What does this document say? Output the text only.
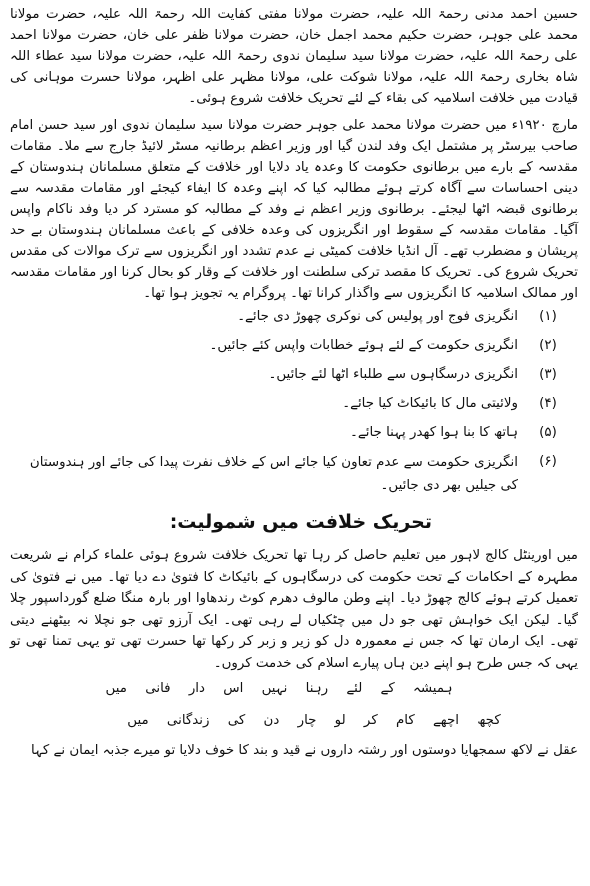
حسین احمد مدنی رحمۃ اللہ علیہ، حضرت مولانا مفتی کفایت اللہ رحمۃ اللہ علیہ، حضرت مولانا محمد علی جوہر، حضرت حکیم محمد اجمل خان، حضرت مولانا ظفر علی خان، حضرت مولانا احمد علی رحمۃ اللہ علیہ، حضرت مولانا سید سلیمان ندوی رحمۃ اللہ علیہ، حضرت مولانا سید عطاء اللہ شاہ بخاری رحمۃ اللہ علیہ، مولانا شوکت علی، مولانا مظہر علی اظہر، مولانا حسرت موہانی کی قیادت میں خلافت اسلامیہ کی بقاء کے لئے تحریک خلافت شروع ہوئی۔

مارچ ۱۹۲۰ء میں حضرت مولانا محمد علی جوہر حضرت مولانا سید سلیمان ندوی اور سید حسن امام صاحب بیرسٹر پر مشتمل ایک وفد لندن گیا اور وزیر اعظم برطانیہ مسٹر لائیڈ جارج سے ملا۔ مقامات مقدسہ کے بارے میں برطانوی حکومت کا وعدہ یاد دلایا اور خلافت کے متعلق مسلمانان ہندوستان کے دینی احساسات سے آگاہ کرتے ہوئے مطالبہ کیا کہ اپنے وعدہ کا ایفاء کیجئے اور مقامات مقدسہ سے برطانوی قبضہ اٹھا لیجئے۔ برطانوی وزیر اعظم نے وفد کے مطالبہ کو مسترد کر دیا وفد ناکام واپس آگیا۔ مقامات مقدسہ کے سقوط اور انگریزوں کی وعدہ خلافی کے باعث مسلمانان ہندوستان بے حد پریشان و مضطرب تھے۔ آل انڈیا خلافت کمیٹی نے عدم تشدد اور انگریزوں سے ترک موالات کی مقدس تحریک شروع کی۔ تحریک کا مقصد ترکی سلطنت اور خلافت کے وقار کو بحال کرنا اور مقامات مقدسہ اور ممالک اسلامیہ کا انگریزوں سے واگذار کرانا تھا۔ پروگرام یہ تجویز ہوا تھا۔

(۱)
انگریزی فوج اور پولیس کی نوکری چھوڑ دی جائے۔
(۲)
انگریزی حکومت کے لئے ہوئے خطابات واپس کئے جائیں۔
(۳)
انگریزی درسگاہوں سے طلباء اٹھا لئے جائیں۔
(۴)
ولائیتی مال کا بائیکاٹ کیا جائے۔
(۵)
ہاتھ کا بنا ہوا کھدر پہنا جائے۔
(۶)
انگریزی حکومت سے عدم تعاون کیا جائے اس کے خلاف نفرت پیدا کی جائے اور ہندوستان کی جیلیں بھر دی جائیں۔
تحریک خلافت میں شمولیت:

میں اورینٹل کالج لاہور میں تعلیم حاصل کر رہا تھا تحریک خلافت شروع ہوئی علماء کرام نے شریعت مطہرہ کے احکامات کے تحت حکومت کی درسگاہوں کے بائیکاٹ کا فتویٰ دے دیا تھا۔ میں نے فتویٰ کی تعمیل کرتے ہوئے کالج چھوڑ دیا۔ اپنے وطن مالوف دھرم کوٹ رندھاوا اور بارہ منگا ضلع گورداسپور چلا گیا۔ لیکن ایک خواہش تھی جو دل میں چٹکیاں لے رہی تھی۔ ایک آرزو تھی جو نچلا نہ بیٹھنے دیتی تھی۔ ایک ارمان تھا کہ جس نے معمورہ دل کو زیر و زبر کر رکھا تھا حسرت تھی تو یہی تمنا تھی تو یہی کہ جس طرح ہو اپنے دین ہاں پیارے اسلام کی خدمت کروں۔

ہمیشہ کے لئے رہنا نہیں اس دار فانی میں
کچھ اچھے کام کر لو چار دن کی زندگانی میں

عقل نے لاکھ سمجھایا دوستوں اور رشتہ داروں نے قید و بند کا خوف دلایا تو میرے جذبہ ایمان نے کہا
